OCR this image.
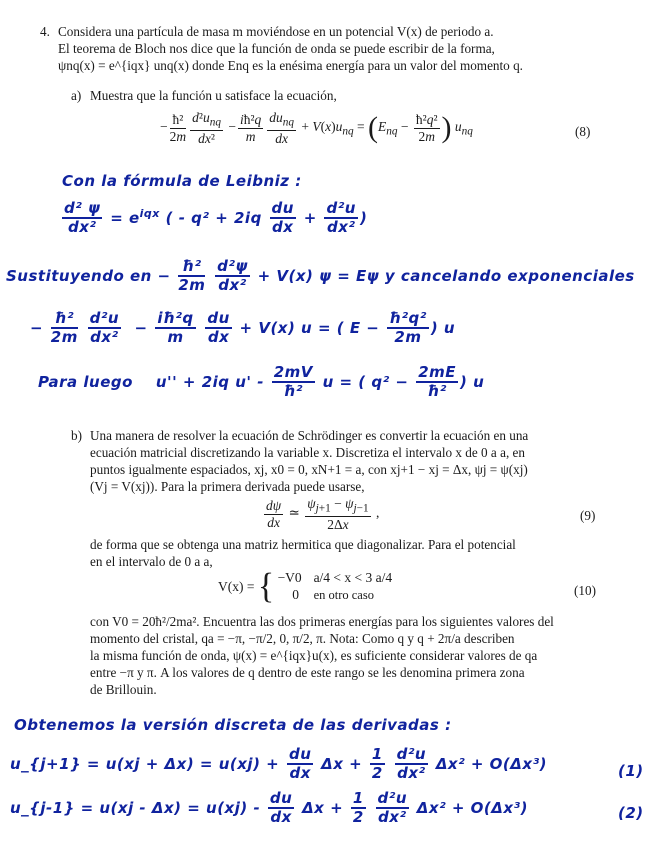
4. Considera una partícula de masa m moviéndose en un potencial V(x) de periodo a.
El teorema de Bloch nos dice que la función de onda se puede escribir de la forma,
ψnq(x) = e^{iqx} unq(x) donde Enq es la enésima energía para un valor del momento q.
a) Muestra que la función u satisface la ecuación,
− $\frac{\text{ħ²}}{2m} \frac{d^2u_{nq}}{\text{dx²}} - \frac{\text{iħ²q}}{m} \frac{du_{nq}}{dx} + V(x)u_{nq} = (E_{nq} - \frac{\text{ħ²q²}}{2m}$ ) $u_{nq}$	(8)
Con la fórmula de Leibniz :
$\frac{\text{d² ψ}}{\text{dx²}} = e^{iqx}$ ( - $q^2 + 2iq \frac{du}{dx} + \frac{\text{d²u}}{\text{dx²}}$ )
Sustituyendo en − $\frac{\text{ħ²}}{2m}$
$\frac{\text{d²ψ}}{\text{dx²}} + V(x) \psi = E\psi$ y cancelando exponenciales
− $\frac{\text{ħ²}}{2m}$
$\frac{\text{d²u}}{\text{dx²}} - \frac{\text{iħ²q}}{m}$
$\frac{du}{dx} + V(x) u$ = ( $E - \frac{\text{ħ²q²}}{2m}$ ) u
Para luego u'' + 2iq u' - $\frac{2mV}{\text{ħ²}}$ u = ( $q^2 - \frac{2mE}{\text{ħ²}}$ ) u
b) Una manera de resolver la ecuación de Schrödinger es convertir la ecuación en una
ecuación matricial discretizando la variable x. Discretiza el intervalo x de 0 a a, en
puntos igualmente espaciados, xj, x0 = 0, xN+1 = a, con xj+1 − xj = Δx, ψj = ψ(xj)
(Vj = V(xj)). Para la primera derivada puede usarse,
$\frac{d\psi}{dx}$ ≃ $\frac{\psi_{j+1} - \psi_{j-1}}{2\Delta x}$ ,	(9)
de forma que se obtenga una matriz hermitica que diagonalizar. Para el potencial
en el intervalo de 0 a a,
V(x) = { −V0 a/4 < x < 3 a/4
0 en otro caso	(10)
con V0 = 20ħ²/2ma². Encuentra las dos primeras energías para los siguientes valores del
momento del cristal, qa = −π, −π/2, 0, π/2, π. Nota: Como q y q + 2π/a describen
la misma función de onda, ψ(x) = e^{iqx}u(x), es suficiente considerar valores de qa
entre −π y π. A los valores de q dentro de este rango se les denomina primera zona
de Brillouin.
Obtenemos la versión discreta de las derivadas :
u_{j+1} = $u(xj + \Delta x) = u(xj) + \frac{du}{dx}$ $\Delta x + \frac{1}{2}$
$\frac{\text{d²u}}{\text{dx²}} \Delta x^2 + O(\Delta x^3)$	(1)
u_{j-1} = $u(xj - \Delta x) = u(xj) - \frac{du}{dx}$ $\Delta x + \frac{1}{2}$
$\frac{\text{d²u}}{\text{dx²}} \Delta x^2 + O(\Delta x^3)$	(2)
